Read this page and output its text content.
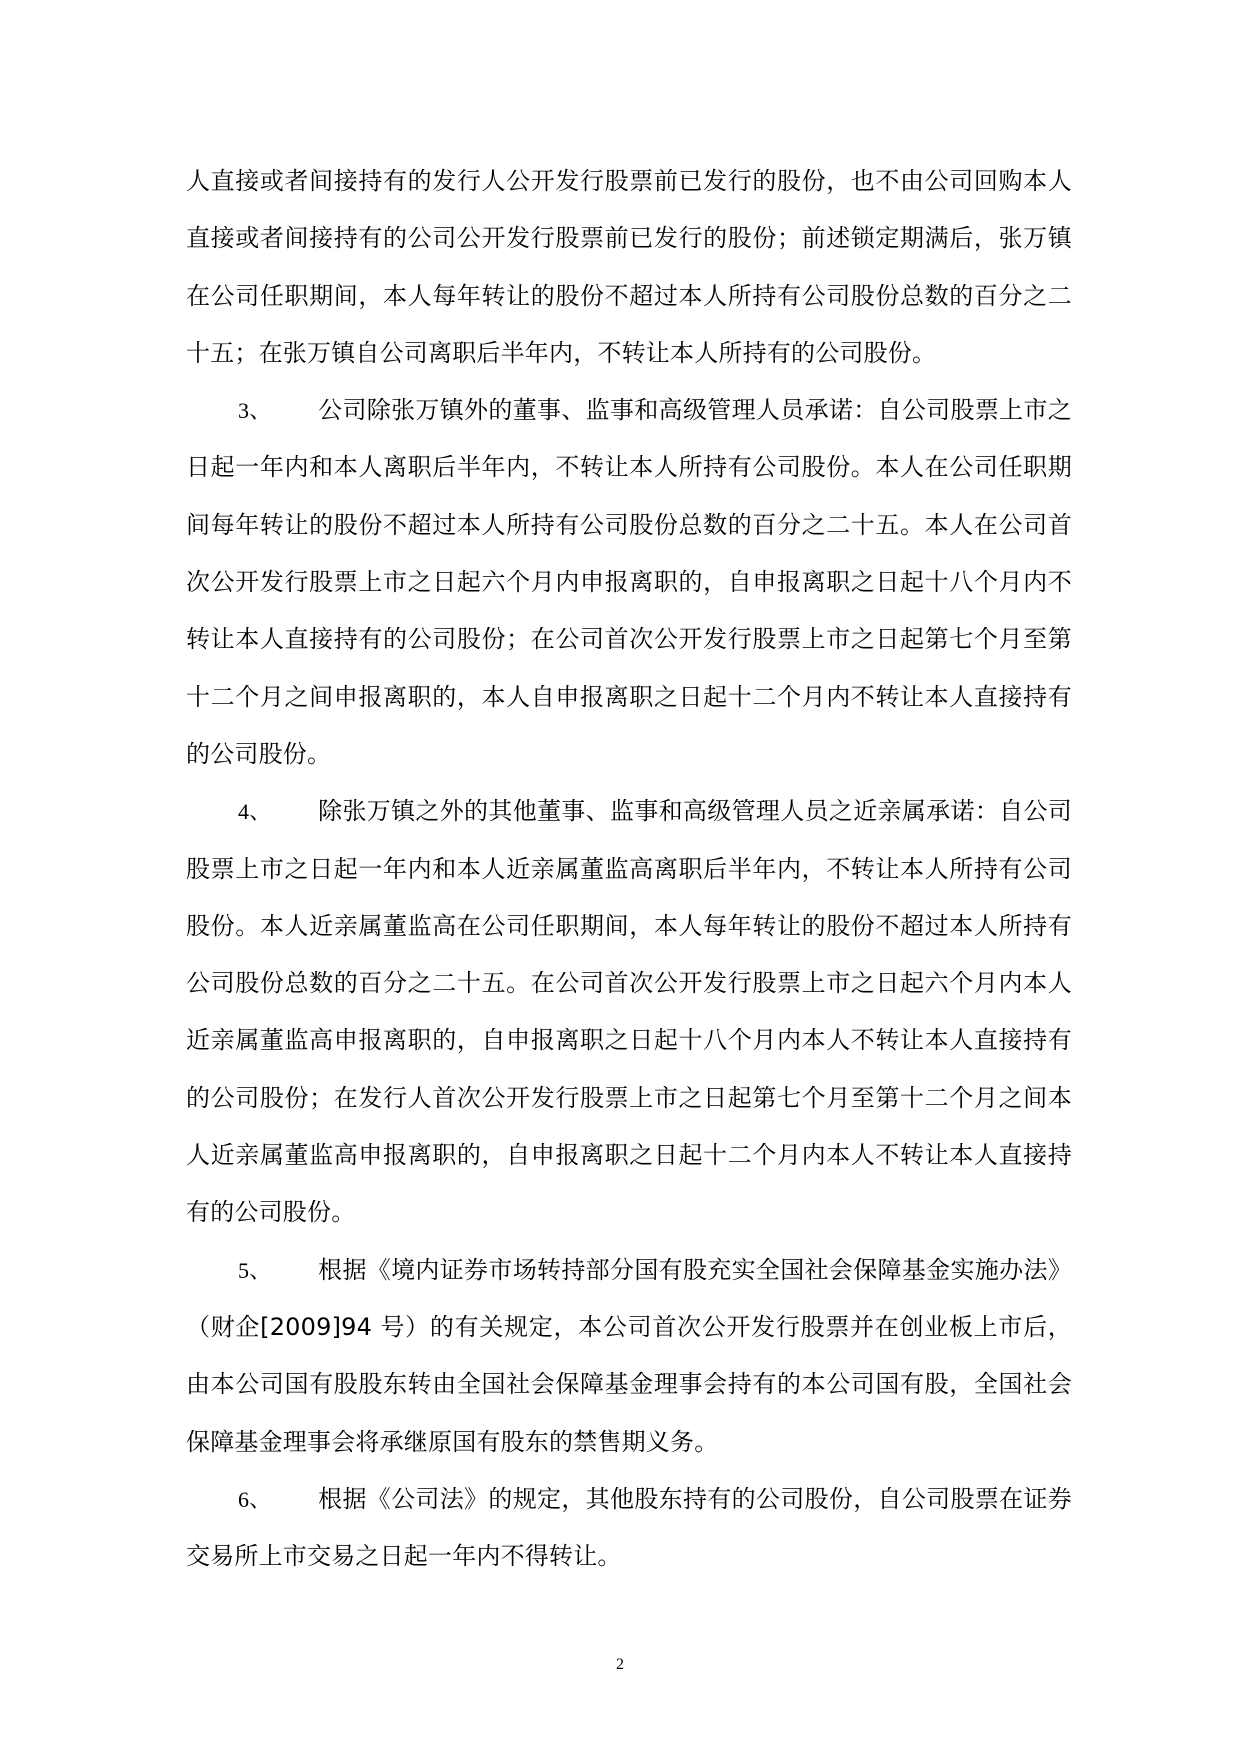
人直接或者间接持有的发行人公开发行股票前已发行的股份，也不由公司回购本人直接或者间接持有的公司公开发行股票前已发行的股份；前述锁定期满后，张万镇在公司任职期间，本人每年转让的股份不超过本人所持有公司股份总数的百分之二十五；在张万镇自公司离职后半年内，不转让本人所持有的公司股份。

3、 公司除张万镇外的董事、监事和高级管理人员承诺：自公司股票上市之日起一年内和本人离职后半年内，不转让本人所持有公司股份。本人在公司任职期间每年转让的股份不超过本人所持有公司股份总数的百分之二十五。本人在公司首次公开发行股票上市之日起六个月内申报离职的，自申报离职之日起十八个月内不转让本人直接持有的公司股份；在公司首次公开发行股票上市之日起第七个月至第十二个月之间申报离职的，本人自申报离职之日起十二个月内不转让本人直接持有的公司股份。

4、 除张万镇之外的其他董事、监事和高级管理人员之近亲属承诺：自公司股票上市之日起一年内和本人近亲属董监高离职后半年内，不转让本人所持有公司股份。本人近亲属董监高在公司任职期间，本人每年转让的股份不超过本人所持有公司股份总数的百分之二十五。在公司首次公开发行股票上市之日起六个月内本人近亲属董监高申报离职的，自申报离职之日起十八个月内本人不转让本人直接持有的公司股份；在发行人首次公开发行股票上市之日起第七个月至第十二个月之间本人近亲属董监高申报离职的，自申报离职之日起十二个月内本人不转让本人直接持有的公司股份。

5、 根据《境内证券市场转持部分国有股充实全国社会保障基金实施办法》（财企[2009]94 号）的有关规定，本公司首次公开发行股票并在创业板上市后，由本公司国有股股东转由全国社会保障基金理事会持有的本公司国有股，全国社会保障基金理事会将承继原国有股东的禁售期义务。

6、 根据《公司法》的规定，其他股东持有的公司股份，自公司股票在证券交易所上市交易之日起一年内不得转让。

2
